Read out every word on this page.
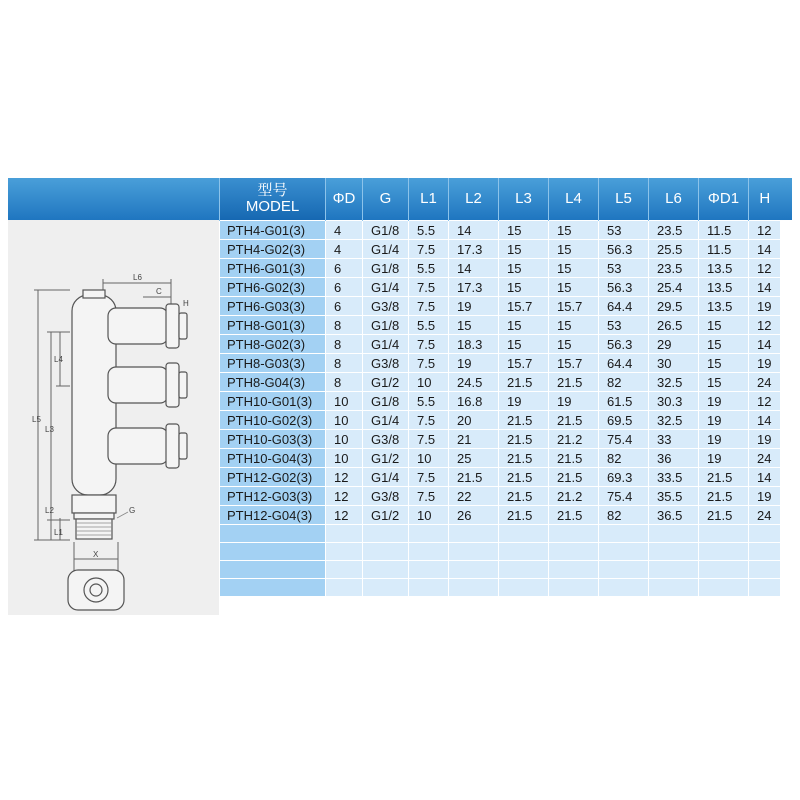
L6
C
H
L4
L3
L5
L2
L1
G
X
型号
MODEL	ΦD	G	L1	L2	L3	L4	L5	L6	ΦD1	H
PTH4-G01(3)	4	G1/8	5.5	14	15	15	53	23.5	11.5	12
PTH4-G02(3)	4	G1/4	7.5	17.3	15	15	56.3	25.5	11.5	14
PTH6-G01(3)	6	G1/8	5.5	14	15	15	53	23.5	13.5	12
PTH6-G02(3)	6	G1/4	7.5	17.3	15	15	56.3	25.4	13.5	14
PTH6-G03(3)	6	G3/8	7.5	19	15.7	15.7	64.4	29.5	13.5	19
PTH8-G01(3)	8	G1/8	5.5	15	15	15	53	26.5	15	12
PTH8-G02(3)	8	G1/4	7.5	18.3	15	15	56.3	29	15	14
PTH8-G03(3)	8	G3/8	7.5	19	15.7	15.7	64.4	30	15	19
PTH8-G04(3)	8	G1/2	10	24.5	21.5	21.5	82	32.5	15	24
PTH10-G01(3)	10	G1/8	5.5	16.8	19	19	61.5	30.3	19	12
PTH10-G02(3)	10	G1/4	7.5	20	21.5	21.5	69.5	32.5	19	14
PTH10-G03(3)	10	G3/8	7.5	21	21.5	21.2	75.4	33	19	19
PTH10-G04(3)	10	G1/2	10	25	21.5	21.5	82	36	19	24
PTH12-G02(3)	12	G1/4	7.5	21.5	21.5	21.5	69.3	33.5	21.5	14
PTH12-G03(3)	12	G3/8	7.5	22	21.5	21.2	75.4	35.5	21.5	19
PTH12-G04(3)	12	G1/2	10	26	21.5	21.5	82	36.5	21.5	24
